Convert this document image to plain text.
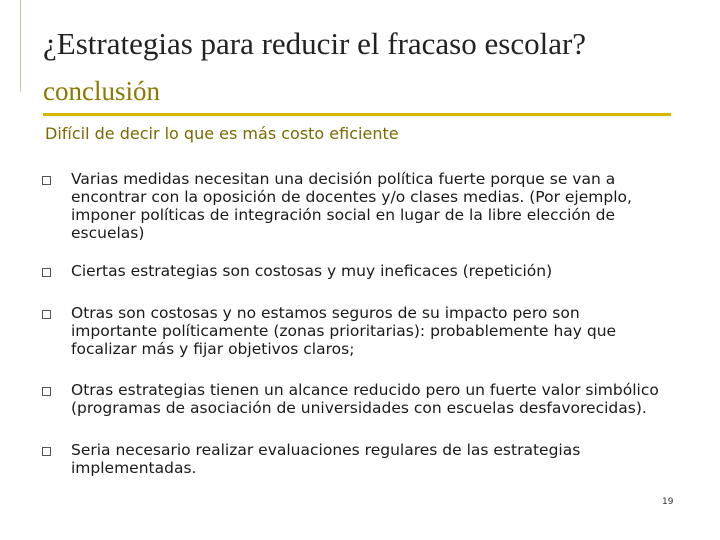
¿Estrategias para reducir el fracaso escolar?
conclusión
Difícil de decir lo que es más costo eficiente
Varias medidas necesitan una decisión política fuerte porque se van a encontrar con la oposición de docentes y/o clases medias. (Por ejemplo, imponer políticas de integración social en lugar de la libre elección de escuelas)
Ciertas estrategias son costosas y muy ineficaces (repetición)
Otras son costosas y no estamos seguros de su impacto pero son importante políticamente (zonas prioritarias): probablemente hay que focalizar más y fijar objetivos claros;
Otras estrategias tienen un alcance reducido pero un fuerte valor simbólico (programas de asociación de universidades con escuelas desfavorecidas).
Seria necesario realizar evaluaciones regulares de las estrategias implementadas.
19
